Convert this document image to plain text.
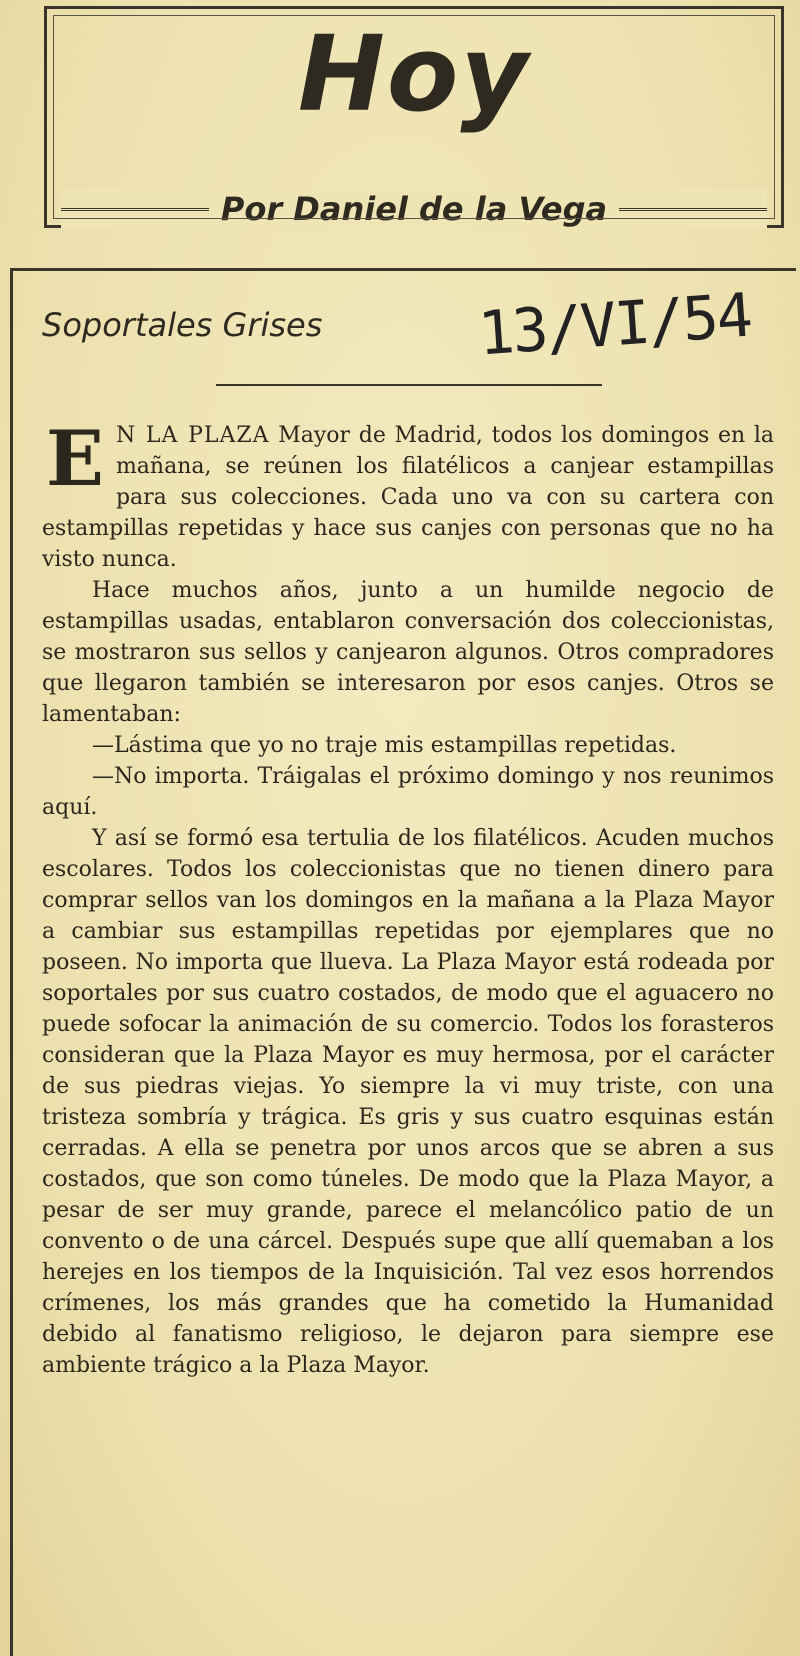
Hoy
Por Daniel de la Vega
Soportales Grises	13/VI/54

E N LA PLAZA Mayor de Madrid, todos los domingos en la mañana, se reúnen los filatélicos a canjear estampillas para sus colecciones. Cada uno va con su cartera con estampillas repetidas y hace sus canjes con personas que no ha visto nunca.

Hace muchos años, junto a un humilde negocio de estampillas usadas, entablaron conversación dos coleccionistas, se mostraron sus sellos y canjearon algunos. Otros compradores que llegaron también se interesaron por esos canjes. Otros se lamentaban:

—Lástima que yo no traje mis estampillas repetidas.

—No importa. Tráigalas el próximo domingo y nos reunimos aquí.

Y así se formó esa tertulia de los filatélicos. Acuden muchos escolares. Todos los coleccionistas que no tienen dinero para comprar sellos van los domingos en la mañana a la Plaza Mayor a cambiar sus estampillas repetidas por ejemplares que no poseen. No importa que llueva. La Plaza Mayor está rodeada por soportales por sus cuatro costados, de modo que el aguacero no puede sofocar la animación de su comercio. Todos los forasteros consideran que la Plaza Mayor es muy hermosa, por el carácter de sus piedras viejas. Yo siempre la vi muy triste, con una tristeza sombría y trágica. Es gris y sus cuatro esquinas están cerradas. A ella se penetra por unos arcos que se abren a sus costados, que son como túneles. De modo que la Plaza Mayor, a pesar de ser muy grande, parece el melancólico patio de un convento o de una cárcel. Después supe que allí quemaban a los herejes en los tiempos de la Inquisición. Tal vez esos horrendos crímenes, los más grandes que ha cometido la Humanidad debido al fanatismo religioso, le dejaron para siempre ese ambiente trágico a la Plaza Mayor.
